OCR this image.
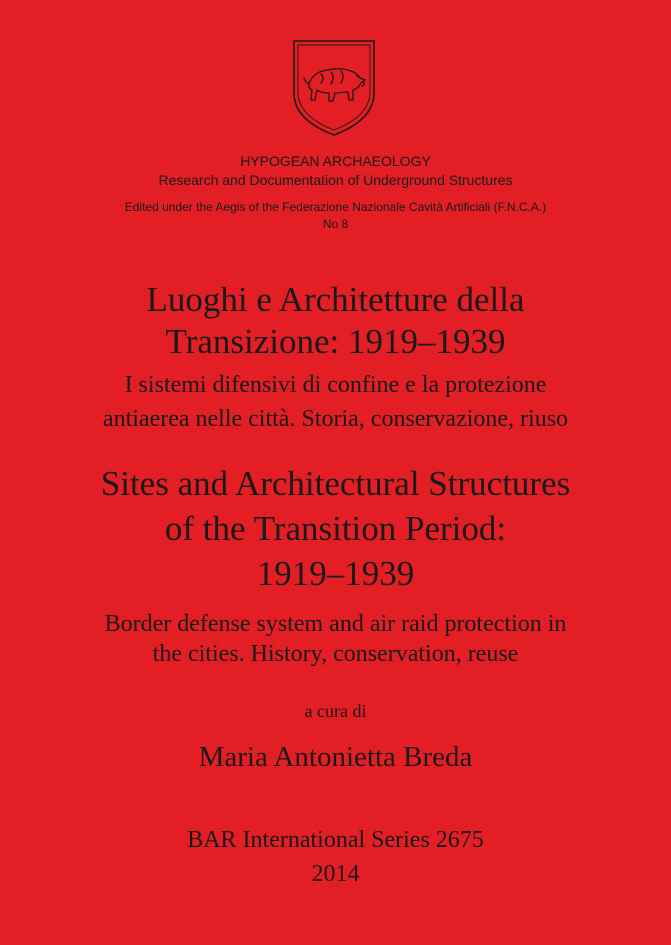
HYPOGEAN ARCHAEOLOGY
Research and Documentation of Underground Structures
Edited under the Aegis of the Federazione Nazionale Cavità Artificiali (F.N.C.A.)
No 8
Luoghi e Architetture della
Transizione: 1919–1939
I sistemi difensivi di confine e la protezione
antiaerea nelle città. Storia, conservazione, riuso
Sites and Architectural Structures
of the Transition Period:
1919–1939
Border defense system and air raid protection in
the cities. History, conservation, reuse
a cura di
Maria Antonietta Breda
BAR International Series 2675
2014
